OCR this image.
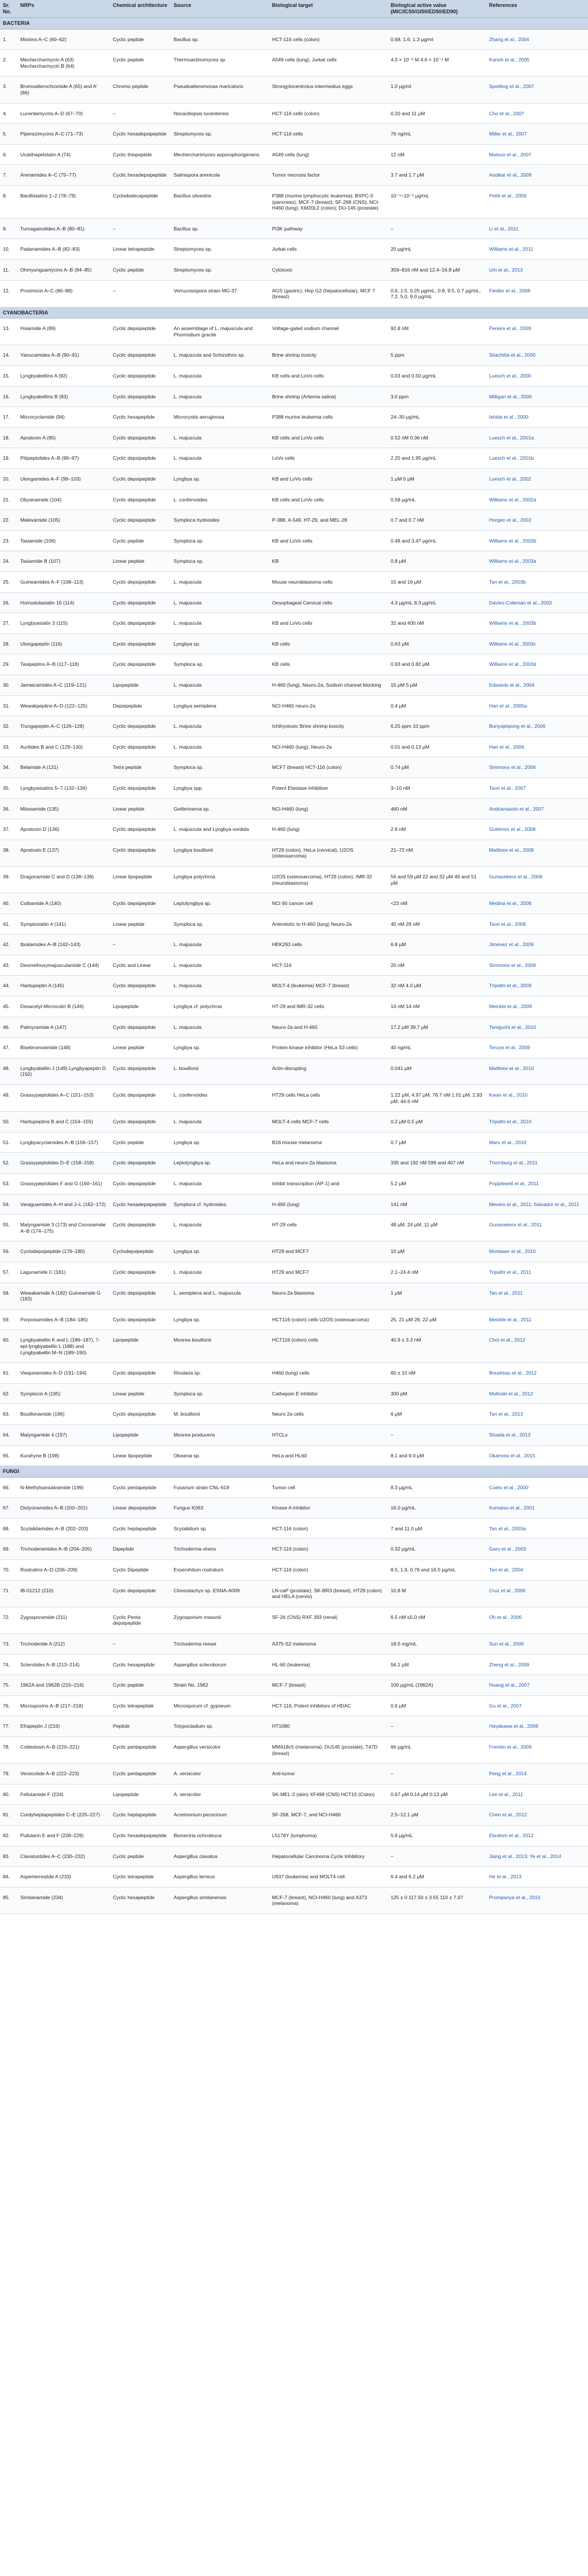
Sr. No.	NRPs	Chemical architecture	Source	Biological target	Biological active value (MIC/IC50/GI50/ED50/ED90)	References
BACTERIA						
1.	Mixirins A–C (60–62)	Cyclic peptide	Bacillus sp.	HCT-116 cells (colon)	0.68, 1.6, 1.3 μg/ml	Zhang et al., 2004
2.	Mechercharmycin A (63) Mechercharmycin B (64)	Cyclic peptide	Thermoactinomyces sp.	A549 cells (lung), Jurkat cells	4.0 × 10⁻⁸ M 4.6 × 10⁻⁸ M	Kanoh et al., 2005
3.	Bromoalterochromide A (65) and A′ (66)	Chromo peptide	Pseudoalteromonas maricaloris	Strongylocentrotus intermedius eggs	1.0 μg/ml	Speitling et al., 2007
4.	Lucentamycins A–D (67–70)	–	Nocardiopsis lucentensis	HCT-116 cells (colon)	0.20 and 11 μM	Cho et al., 2007
5.	Piperazimycins A–C (71–73)	Cyclic hexadepsipeptide	Streptomyces sp.	HCT-116 cells	76 ng/mL	Miller et al., 2007
6.	Urukthapelstatin A (74)	Cyclic thiopeptide	Mechercharimyces asporophorigenens	A549 cells (lung)	12 nM	Matsuo et al., 2007
7.	Arenamides A–C (75–77)	Cyclic hexadepsipeptide	Salinispora arenicola	Tumor necrosis factor	3.7 and 1.7 μM	Asolkar et al., 2009
8.	Bacillistatins 1–2 (78–79)	Cyclododecapeptide	Bacillus silvestris	P388 (murine lymphocytic leukemia); BXPC-3 (pancreas); MCF-7 (breast); SF-268 (CNS); NCI-H460 (lung); KM20L2 (colon); DU-145 (prostate)	10⁻⁴–10⁻⁵ μg/mL	Pettit et al., 2009
9.	Turnagainolides A–B (80–81)	–	Bacillus sp.	PI3K pathway	–	Li et al., 2011
10.	Padanamides A–B (82–83)	Linear tetrapeptide	Streptomyces sp.	Jurkat cells	20 μg/mL	Williams et al., 2011
11.	Ohmyungsamycins A–B (84–85)	Cyclic peptide	Streptomyces sp.	Cytotoxic	359–816 nM and 12.4–16.8 μM	Um et al., 2013
12.	Proximicin A–C (86–88)	–	Verrucosispora strain MG-37	AGS (gastric), Hep G2 (hepatocellular), MCF 7 (breast)	0.6, 1.5, 0.25 μg/mL, 0.8, 9.5, 0.7 μg/mL, 7.2, 5.0, 9.0 μg/mL	Fiedler et al., 2008
CYANOBACTERIA						
13.	Hoiamide A (89)	Cyclic depsipeptide	An assemblage of L. majuscula and Phormidium gracile	Voltage-gated sodium channel	92.8 nM	Pereira et al., 2009
14.	Yanucamides A–B (90–91)	Cyclic depsipeptide	L. majuscula and Schizothrix sp.	Brine shrimp toxicity	5 ppm	Sitachitta et al., 2000
15.	Lyngbyabellins A (92)	Cyclic depsipeptide	L. majuscula	KB cells and LoVo cells	0.03 and 0.50 μg/mL	Luesch et al., 2000
16.	Lyngbyabellins B (93)	Cyclic depsipeptide	L. majuscula	Brine shrimp (Artemia salina)	3.0 ppm	Milligan et al., 2000
17.	Microcyclamide (94)	Cyclic hexapeptide	Microcystis aeruginosa	P388 murine leukemia cells	24–30 μg/mL	Ishida et al., 2000
18.	Apratoxin A (95)	Cyclic depsipeptide	L. majuscula	KB cells and LoVo cells	0.52 nM 0.36 nM	Luesch et al., 2001a
19.	Pitipeptolides A–B (96–97)	Cyclic depsipeptide	L. majuscula	LoVo cells	2.25 and 1.95 μg/mL	Luesch et al., 2001b
20.	Ulongamides A–F (98–103)	Cyclic depsipeptide	Lyngbya sp.	KB and LoVo cells	1 μM 5 μM	Luesch et al., 2002
21.	Obyanamide (104)	Cyclic depsipeptide	L. confervoides	KB cells and LoVo cells	0.58 μg/mL	Williams et al., 2002a
22.	Malevamide (105)	Cyclic depsipeptide	Symploca hydnoides	P-388, A-549, HT-29, and MEL-28	0.7 and 0.7 nM	Horgen et al., 2002
23.	Tasiamide (106)	Cyclic peptide	Symploca sp.	KB and LoVo cells	0.48 and 3.47 μg/mL	Williams et al., 2002b
24.	Tasiamide B (107)	Linear peptide	Symploca sp.	KB	0.8 μM	Williams et al., 2003a
25.	Guineamides A–F (108–113)	Cyclic depsipeptide	L. majuscula	Mouse neuroblastoma cells	15 and 16 μM	Tan et al., 2003b
26.	Homodolastatin 16 (114)	Cyclic depsipeptide	L. majuscula	Oesophageal Cervical cells	4.3 μg/mL 8.3 μg/mL	Davies-Coleman et al., 2003
27.	Lyngbyastatin 3 (115)	Cyclic depsipeptide	L. majuscula	KB and LoVo cells	32 and 400 nM	Williams et al., 2003b
28.	Ulongapeptin (116)	Cyclic depsipeptide	Lyngbya sp.	KB cells	0.63 μM	Williams et al., 2003c
29.	Tasipeptins A–B (117–118)	Cyclic depsipeptide	Symploca sp.	KB cells	0.93 and 0.82 μM	Williams et al., 2003d
30.	Jamaicamides A–C (119–121)	Lipopeptide	L. majuscula	H-460 (lung), Neuro-2a, Sodium channel blocking	15 μM 5 μM	Edwards et al., 2004
31.	Wewakpeptins A–D (122–125)	Depsipeptide	Lyngbya semiplena	NCI-H460 neuro-2a	0.4 μM	Han et al., 2005a
32.	Trungapeptin A–C (126–128)	Cyclic depsipeptide	L. majuscula	Ichthyotoxic Brine shrimp toxicity	6.25 ppm 10 ppm	Bunyajetpong et al., 2006
33.	Aurilides B and C (129–130)	Cyclic depsipeptide	L. majuscula	NCI-H460 (lung), Neuro-2a	0.01 and 0.13 μM	Han et al., 2006
34.	Belamide A (131)	Tetra peptide	Symploca sp.	MCF7 (breast) HCT-116 (colon)	0.74 μM	Simmons et al., 2006
35.	Lyngbyastatins 5–7 (132–134)	Cyclic depsipeptide	Lyngbya spp.	Potent Elastase inhibition	3–10 nM	Taori et al., 2007
36.	Mitsoamide (135)	Linear peptide	Geitlerinema sp.	NCI-H460 (lung)	460 nM	Andrianasolo et al., 2007
37.	Apratoxin D (136)	Cyclic depsipeptide	L. majuscula and Lyngbya sordida	H-460 (lung)	2.6 nM	Gutiérrez et al., 2008
38.	Apratoxin E (137)	Cyclic depsipeptide	Lyngbya bouillonii	HT29 (colon), HeLa (cervical), U2OS (osteosarcoma)	21–72 nM	Matthew et al., 2008
39.	Dragonamide C and D (138–139)	Linear lipopeptide	Lyngbya polychroa	U2OS (osteosarcoma), HT29 (colon), IMR-32 (neuroblastoma)	56 and 59 μM 22 and 32 μM 49 and 51 μM	Gunasekera et al., 2008
40.	Coibamide A (140)	Cyclic depsipeptide	Leptolyngbya sp.	NCI 60 cancer cell	<23 nM	Medina et al., 2008
41.	Symplostatin 4 (141)	Linear peptide	Symploca sp.	Antimitotic to H-460 (lung) Neuro-2a	40 nM 29 nM	Taori et al., 2009
42.	Ibralamides A–B (142–143)	–	L. majuscula	HEK293 cells	6.8 μM	Jiménez et al., 2009
43.	Desmethoxymajusculamide C (144)	Cyclic and Linear	L. majuscula	HCT-116	20 nM	Simmons et al., 2009
44.	Hantupeptin A (145)	Cyclic depsipeptide	L. majuscula	MOLT-4 (leukemia) MCF-7 (breast)	32 nM 4.0 μM	Tripathi et al., 2009
45.	Desacetyl-Microcolin B (146)	Lipopeptide	Lyngbya cf. polychroa	HT-29 and IMR-32 cells	14 nM 14 nM	Meickle et al., 2009
46.	Palmyramide A (147)	Cyclic depsipeptide	L. majuscula	Neuro-2a and H-460	17.2 μM 39.7 μM	Taniguchi et al., 2010
47.	Bisebromoamide (148)	Linear peptide	Lyngbya sp.	Protein kinase inhibitor (HeLa S3 cells)	40 ng/mL	Teruya et al., 2009
48.	Lyngbyabellin J (149) Lyngbyapeptin D (150)	Cyclic depsipeptide	L. bouillonii	Actin-disrupting	0.041 μM	Matthew et al., 2010
49.	Grassypeptolides A–C (151–153)	Cyclic depsipeptide	L. confervoides	HT29 cells HeLa cells	1.22 μM, 4.97 μM, 76.7 nM 1.01 μM, 2.93 μM, 44.6 nM	Kwan et al., 2010
50.	Hantupeptins B and C (154–155)	Cyclic depsipeptide	L. majuscula	MOLT-4 cells MCF-7 cells	0.2 μM 0.5 μM	Tripathi et al., 2010
51.	Lyngbyacyclamides A–B (156–157)	Cyclic peptide	Lyngbya sp.	B16 mouse melanoma	0.7 μM	Maru et al., 2010
52.	Grassypeptolides D–E (158–159)	Cyclic depsipeptide	Leptolyngbya sp.	HeLa and neuro-2a blastoma	335 and 192 nM 599 and 407 nM	Thornburg et al., 2011
53.	Grassypeptolides F and G (160–161)	Cyclic depsipeptide	L. majuscula	Inhibit transcription (AP-1) and	5.2 μM	Popplewell et al., 2011
54.	Veraguamides A–H and J–L (162–172)	Cyclic hexadepsipeptide	Symploca cf. hydnoides	H-460 (lung)	141 nM	Mevers et al., 2011; Salvador et al., 2011
55.	Malyngamide 3 (173) and Cocosamide A–B (174–175)	Cyclic depsipeptide	L. majuscula	HT-29 cells	48 μM, 24 μM, 11 μM	Gunasekera et al., 2011
56.	Cyclodepsipeptide (176–180)	Cyclodepsipeptide	Lyngbya sp.	HT29 and MCF7	10 μM	Montaser et al., 2010
57.	Lagunamide C (181)	Cyclic depsipeptide	L. majuscula	HT29 and MCF7	2.1–24.4 nM	Tripathi et al., 2011
58.	Wewakamide A (182) Guineamide G (183)	Cyclic depsipeptide	L. semiplena and L. majuscula	Neuro-2a blastoma	1 μM	Tan et al., 2011
59.	Porpoisamides A–B (184–185)	Cyclic depsipeptide	Lyngbya sp.	HCT116 (colon) cells U2OS (osteosarcoma)	25, 21 μM 28, 22 μM	Meickle et al., 2011
60.	Lyngbyabellin K and L (186–187), 7-epi-lyngbyabellin L (188) and Lyngbyabellin M–N (189–190)	Lipopeptide	Moorea bouillonii	HCT116 (colon) cells	40.9 ± 3.3 nM	Choi et al., 2012
61.	Viequeamides A–D (191–194)	Cyclic depsipeptide	Rivularia sp.	H460 (lung) cells	60 ± 10 nM	Boudreau et al., 2012
62.	Symplocin A (195)	Linear peptide	Symploca sp.	Cathepsin E inhibitor	300 pM	Molinski et al., 2012
63.	Bouillonamide (196)	Cyclic depsipeptide	M. bouillonii	Neuro 2a cells	6 μM	Tan et al., 2013
64.	Malyngamide 4 (197)	Lipopeptide	Moorea producens	HTCLs	–	Shaala et al., 2013
65.	Kurahyne B (198)	Linear lipopeptide	Okeania sp.	HeLa and HL60	8.1 and 9.0 μM	Okamoto et al., 2015
FUNGI						
66.	N-Methylsansalvamide (199)	Cyclic pentapeptide	Fusarium strain CNL-619	Tumor cell	8.3 μg/mL	Cueto et al., 2000
67.	Diolyonamides A–B (200–201)	Linear depsipeptide	Fungus K063	Kinase A inhibitor	16.0 μg/mL	Komatsu et al., 2001
68.	Scytalidamides A–B (202–203)	Cyclic heptapeptide	Scytalidium sp.	HCT-116 (colon)	7 and 11.0 μM	Tan et al., 2003a
69.	Trichoderamides A–B (204–205)	Dipeptide	Trichoderma virens	HCT-116 (colon)	0.32 μg/mL	Garo et al., 2003
70.	Rostratins A–D (206–209)	Cyclic Dipeptide	Exserohilum rostratum	HCT-116 (colon)	8.5, 1.9, 0.76 and 16.5 μg/mL	Tan et al., 2004
71.	IB-01212 (210)	Cyclic depsipeptide	Clonostachys sp. ESNA-A009	LN-caP (prostate), SK-BR3 (breast), HT29 (colon) and HELA (cervix)	10.8 M	Cruz et al., 2006
72.	Zygosporamide (211)	Cyclic Penta depsipeptide	Zygosporium masonii	SF-26 (CNS) RXF 393 (renal)	6.5 nM ≤5.0 nM	Oh et al., 2006
73.	Trichoderide A (212)	–	Trichoderma reesei	A375-S2 melanoma	18.5 mg/mL	Sun et al., 2006
74.	Sclerotides A–B (213–214)	Cyclic hexapeptide	Aspergillus sclerotiorum	HL-60 (leukemia)	56.1 μM	Zheng et al., 2009
75.	1962A and 1962B (215–216)	Cyclic peptide	Strain No. 1962	MCF-7 (breast)	100 μg/mL (1962A)	Huang et al., 2007
76.	Microsporins A–B (217–218)	Cyclic tetrapeptide	Microsporum cf. gypseum	HCT-116, Potent inhibitors of HDAC	0.6 μM	Gu et al., 2007
77.	Efrapeptin J (219)	Peptide	Tolypocladium sp.	HT1080	–	Hayakawa et al., 2008
78.	Cotteslosin A–B (220–221)	Cyclic pentapeptide	Aspergillus versicolor	MM418c5 (melanoma), DU145 (prostate), T47D (breast)	66 μg/mL	Fremlin et al., 2009
79.	Versicotide A–B (222–223)	Cyclic pentapeptide	A. versicolor	Anti-tumor	–	Peng et al., 2014
80.	Fellutamide F (224)	Lipopeptide	A. versicolor	SK-MEL-2 (skin) XF498 (CNS) HCT15 (Colon)	0.67 μM 0.14 μM 0.13 μM	Lee et al., 2011
81.	Cordyheptapeptides C–E (225–227)	Cyclic heptapeptide	Acremonium persicinum	SF-268, MCF-7, and NCI-H460	2.5–12.1 μM	Chen et al., 2012
82.	Pullularin E and F (228–229)	Cyclic hexadepsipeptide	Bionectria ochroleuca	L5178Y (lymphoma)	5.6 μg/mL	Ebrahim et al., 2012
83.	Clavatustides A–C (230–232)	Cyclic peptide	Aspergillus clavatus	Hepatocellular Carcinoma Cycle Inhibitory	–	Jiang et al., 2013; Ye et al., 2014
84.	Asperterrestide A (233)	Cyclic tetrapeptide	Aspergillus terreus	U937 (leukemia) and MOLT4 cell	6.4 and 6.2 μM	He et al., 2013
85.	Similanamide (234)	Cyclic hexapeptide	Aspergillus similanensis	MCF-7 (breast), NCI-H460 (lung) and A373 (melanoma)	125 ± 0 117.50 ± 3.55 110 ± 7.07	Prompanya et al., 2015
